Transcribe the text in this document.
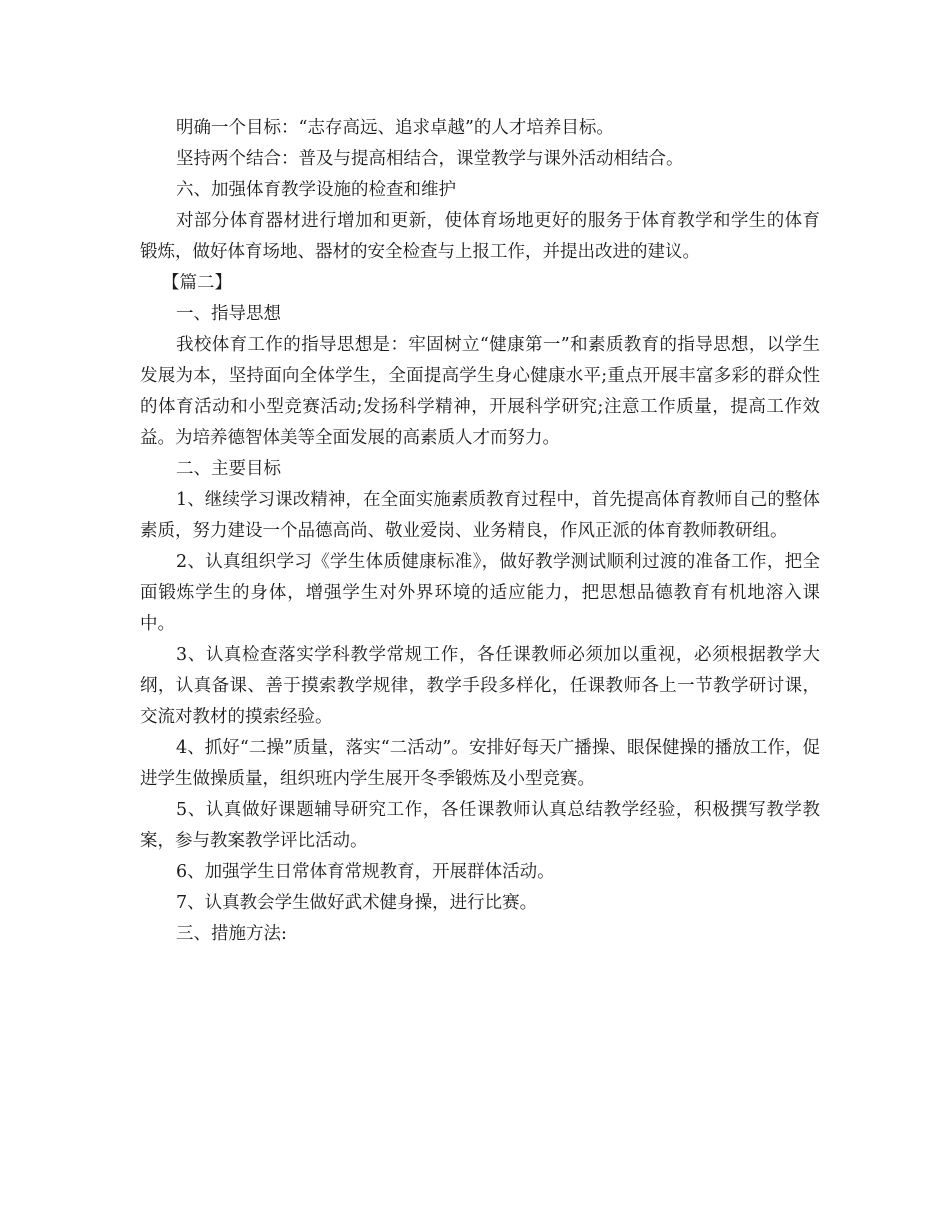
明确一个目标：“志存高远、追求卓越”的人才培养目标。

坚持两个结合：普及与提高相结合，课堂教学与课外活动相结合。

六、加强体育教学设施的检查和维护

对部分体育器材进行增加和更新，使体育场地更好的服务于体育教学和学生的体育锻炼，做好体育场地、器材的安全检查与上报工作，并提出改进的建议。

【篇二】

一、指导思想

我校体育工作的指导思想是：牢固树立“健康第一”和素质教育的指导思想，以学生发展为本，坚持面向全体学生，全面提高学生身心健康水平;重点开展丰富多彩的群众性的体育活动和小型竞赛活动;发扬科学精神，开展科学研究;注意工作质量，提高工作效益。为培养德智体美等全面发展的高素质人才而努力。

二、主要目标

1、继续学习课改精神，在全面实施素质教育过程中，首先提高体育教师自己的整体素质，努力建设一个品德高尚、敬业爱岗、业务精良，作风正派的体育教师教研组。

2、认真组织学习《学生体质健康标准》，做好教学测试顺利过渡的准备工作，把全面锻炼学生的身体，增强学生对外界环境的适应能力，把思想品德教育有机地溶入课中。

3、认真检查落实学科教学常规工作，各任课教师必须加以重视，必须根据教学大纲，认真备课、善于摸索教学规律，教学手段多样化，任课教师各上一节教学研讨课，交流对教材的摸索经验。

4、抓好“二操”质量，落实“二活动”。安排好每天广播操、眼保健操的播放工作，促进学生做操质量，组织班内学生展开冬季锻炼及小型竞赛。

5、认真做好课题辅导研究工作，各任课教师认真总结教学经验，积极撰写教学教案，参与教案教学评比活动。

6、加强学生日常体育常规教育，开展群体活动。

7、认真教会学生做好武术健身操，进行比赛。

三、措施方法:
